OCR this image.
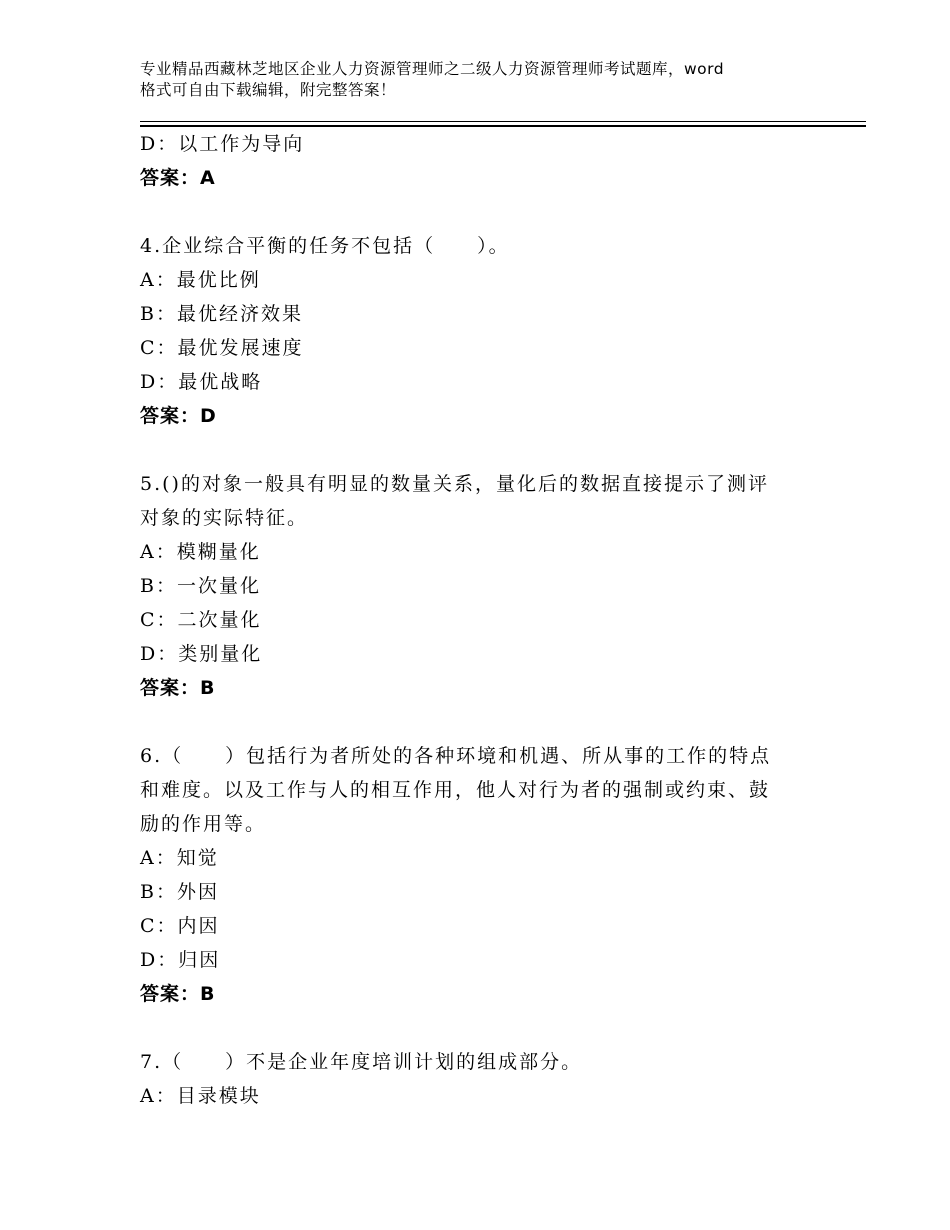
专业精品西藏林芝地区企业人力资源管理师之二级人力资源管理师考试题库，word
格式可自由下载编辑，附完整答案！
D：以工作为导向
答案：A
4.企业综合平衡的任务不包括（　　）。
A：最优比例
B：最优经济效果
C：最优发展速度
D：最优战略
答案：D
5.()的对象一般具有明显的数量关系，量化后的数据直接提示了测评
对象的实际特征。
A：模糊量化
B：一次量化
C：二次量化
D：类别量化
答案：B
6.（　　）包括行为者所处的各种环境和机遇、所从事的工作的特点
和难度。以及工作与人的相互作用，他人对行为者的强制或约束、鼓
励的作用等。
A：知觉
B：外因
C：内因
D：归因
答案：B
7.（　　）不是企业年度培训计划的组成部分。
A：目录模块
